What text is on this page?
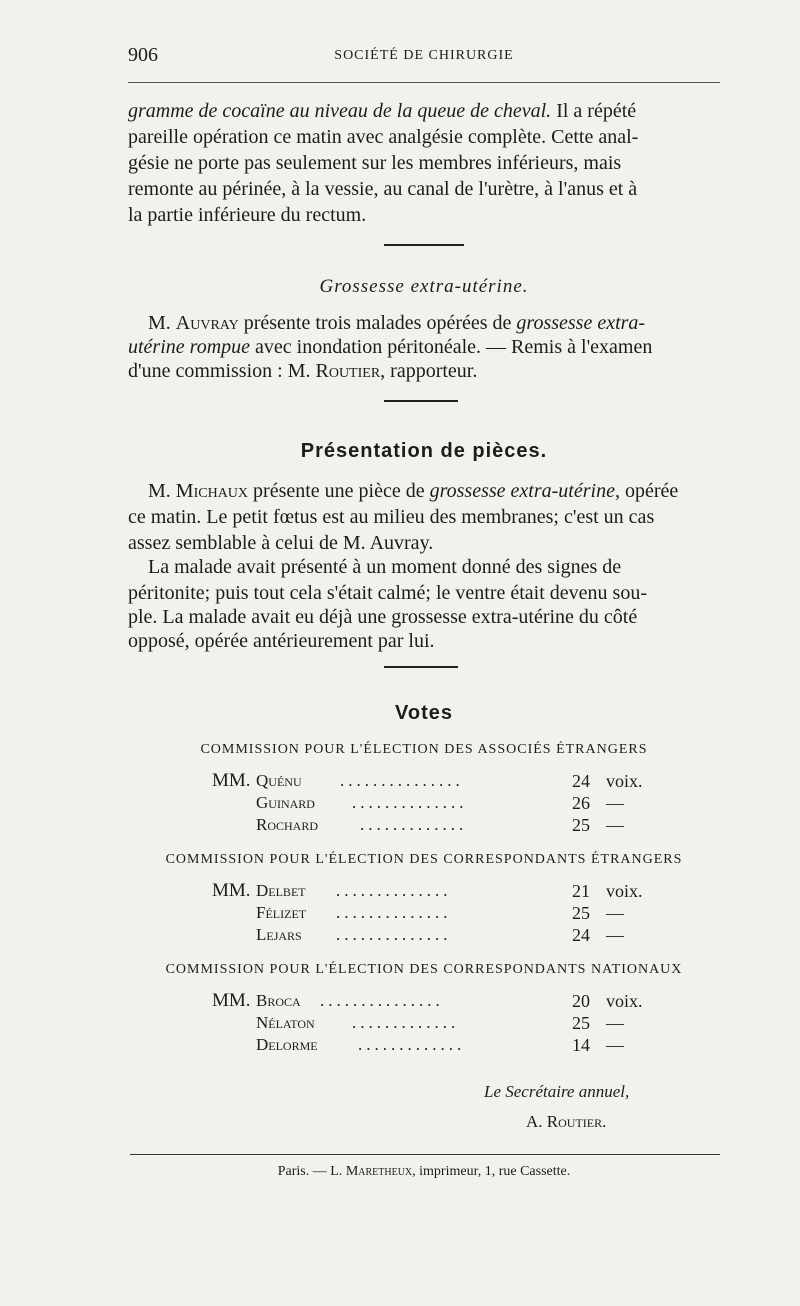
906	SOCIÉTÉ DE CHIRURGIE
gramme de cocaïne au niveau de la queue de cheval. Il a répété
pareille opération ce matin avec analgésie complète. Cette anal-
gésie ne porte pas seulement sur les membres inférieurs, mais
remonte au périnée, à la vessie, au canal de l'urètre, à l'anus et à
la partie inférieure du rectum.
Grossesse extra-utérine.
M. Auvray présente trois malades opérées de grossesse extra-
utérine rompue avec inondation péritonéale. — Remis à l'examen
d'une commission : M. Routier, rapporteur.
Présentation de pièces.
M. Michaux présente une pièce de grossesse extra-utérine, opérée
ce matin. Le petit fœtus est au milieu des membranes; c'est un cas
assez semblable à celui de M. Auvray.
La malade avait présenté à un moment donné des signes de
péritonite; puis tout cela s'était calmé; le ventre était devenu sou-
ple. La malade avait eu déjà une grossesse extra-utérine du côté
opposé, opérée antérieurement par lui.
Votes
COMMISSION POUR L'ÉLECTION DES ASSOCIÉS ÉTRANGERS
MM. Quénu ...............	24 voix.
Guinard ..............	26 —
Rochard .............	25 —
COMMISSION POUR L'ÉLECTION DES CORRESPONDANTS ÉTRANGERS
MM. Delbet ..............	21 voix.
Félizet ..............	25 —
Lejars ..............	24 —
COMMISSION POUR L'ÉLECTION DES CORRESPONDANTS NATIONAUX
MM. Broca ...............	20 voix.
Nélaton .............	25 —
Delorme .............	14 —
Le Secrétaire annuel,
A. Routier.
Paris. — L. Maretheux, imprimeur, 1, rue Cassette.
